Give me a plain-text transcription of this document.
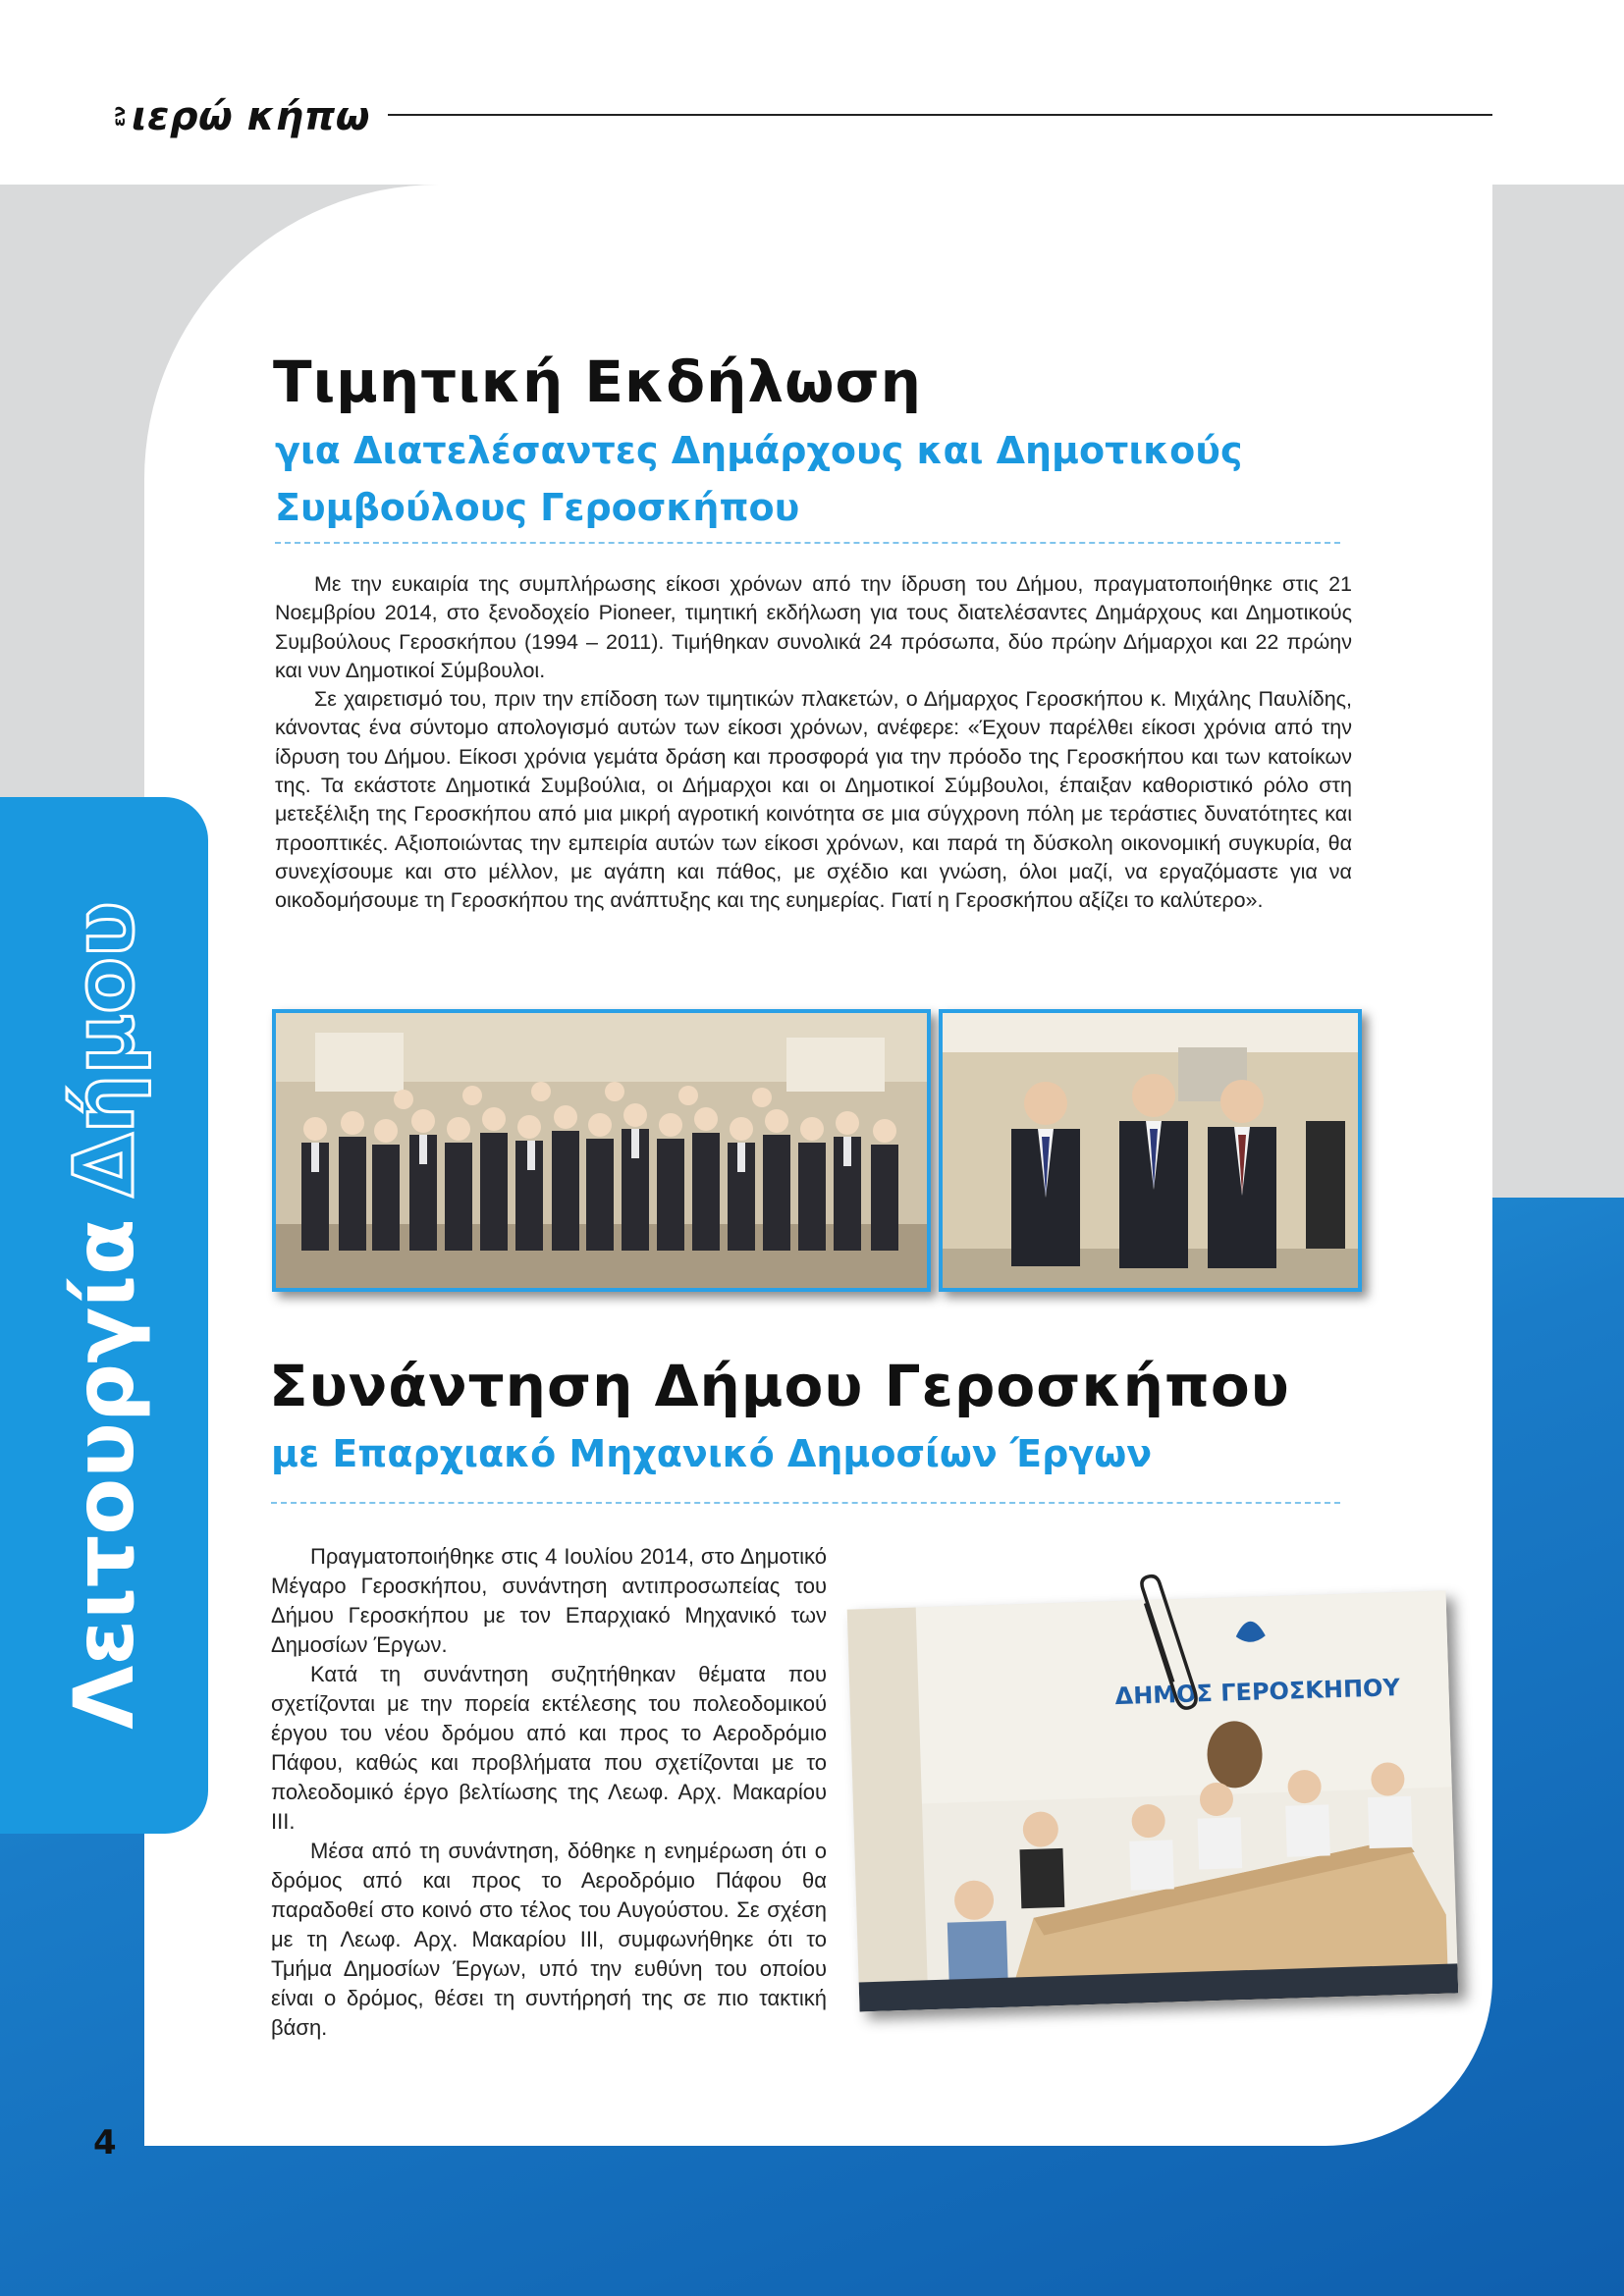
εν ιερώ κήπω
ΛειτουργίαΔήμου
Τιμητική Εκδήλωση
για Διατελέσαντες Δημάρχους και Δημοτικούς
Συμβούλους Γεροσκήπου

Με την ευκαιρία της συμπλήρωσης είκοσι χρόνων από την ίδρυση του Δήμου, πραγματοποιήθηκε στις 21 Νοεμβρίου 2014, στο ξενοδοχείο Pioneer, τιμητική εκδήλωση για τους διατελέσαντες Δημάρχους και Δημοτικούς Συμβούλους Γεροσκήπου (1994 – 2011). Τιμήθηκαν συνολικά 24 πρόσωπα, δύο πρώην Δήμαρχοι και 22 πρώην και νυν Δημοτικοί Σύμβουλοι.

Σε χαιρετισμό του, πριν την επίδοση των τιμητικών πλακετών, ο Δήμαρχος Γεροσκήπου κ. Μιχάλης Παυλίδης, κάνοντας ένα σύντομο απολογισμό αυτών των είκοσι χρόνων, ανέφερε: «Έχουν παρέλθει είκοσι χρόνια από την ίδρυση του Δήμου. Είκοσι χρόνια γεμάτα δράση και προσφορά για την πρόοδο της Γεροσκήπου και των κατοίκων της. Τα εκάστοτε Δημοτικά Συμβούλια, οι Δήμαρχοι και οι Δημοτικοί Σύμβουλοι, έπαιξαν καθοριστικό ρόλο στη μετεξέλιξη της Γεροσκήπου από μια μικρή αγροτική κοινότητα σε μια σύγχρονη πόλη με τεράστιες δυνατότητες και προοπτικές. Αξιοποιώντας την εμπειρία αυτών των είκοσι χρόνων, και παρά τη δύσκολη οικονομική συγκυρία, θα συνεχίσουμε και στο μέλλον, με αγάπη και πάθος, με σχέδιο και γνώση, όλοι μαζί, να εργαζόμαστε για να οικοδομήσουμε τη Γεροσκήπου της ανάπτυξης και της ευημερίας. Γιατί η Γεροσκήπου αξίζει το καλύτερο».

Συνάντηση Δήμου Γεροσκήπου
με Επαρχιακό Μηχανικό Δημοσίων Έργων

Πραγματοποιήθηκε στις 4 Ιουλίου 2014, στο Δημοτικό Μέγαρο Γεροσκήπου, συνάντηση αντιπροσωπείας του Δήμου Γεροσκήπου με τον Επαρχιακό Μηχανικό των Δημοσίων Έργων.

Κατά τη συνάντηση συζητήθηκαν θέματα που σχετίζονται με την πορεία εκτέλεσης του πολεοδομικού έργου του νέου δρόμου από και προς το Αεροδρόμιο Πάφου, καθώς και προβλήματα που σχετίζονται με το πολεοδομικό έργο βελτίωσης της Λεωφ. Αρχ. Μακαρίου ΙΙΙ.

Μέσα από τη συνάντηση, δόθηκε η ενημέρωση ότι ο δρόμος από και προς το Αεροδρόμιο Πάφου θα παραδοθεί στο κοινό στο τέλος του Αυγούστου. Σε σχέση με τη Λεωφ. Αρχ. Μακαρίου ΙΙΙ, συμφωνήθηκε ότι το Τμήμα Δημοσίων Έργων, υπό την ευθύνη του οποίου είναι ο δρόμος, θέσει τη συντήρησή της σε πιο τακτική βάση.

ΔΗΜΟΣ ΓΕΡΟΣΚΗΠΟΥ
4
